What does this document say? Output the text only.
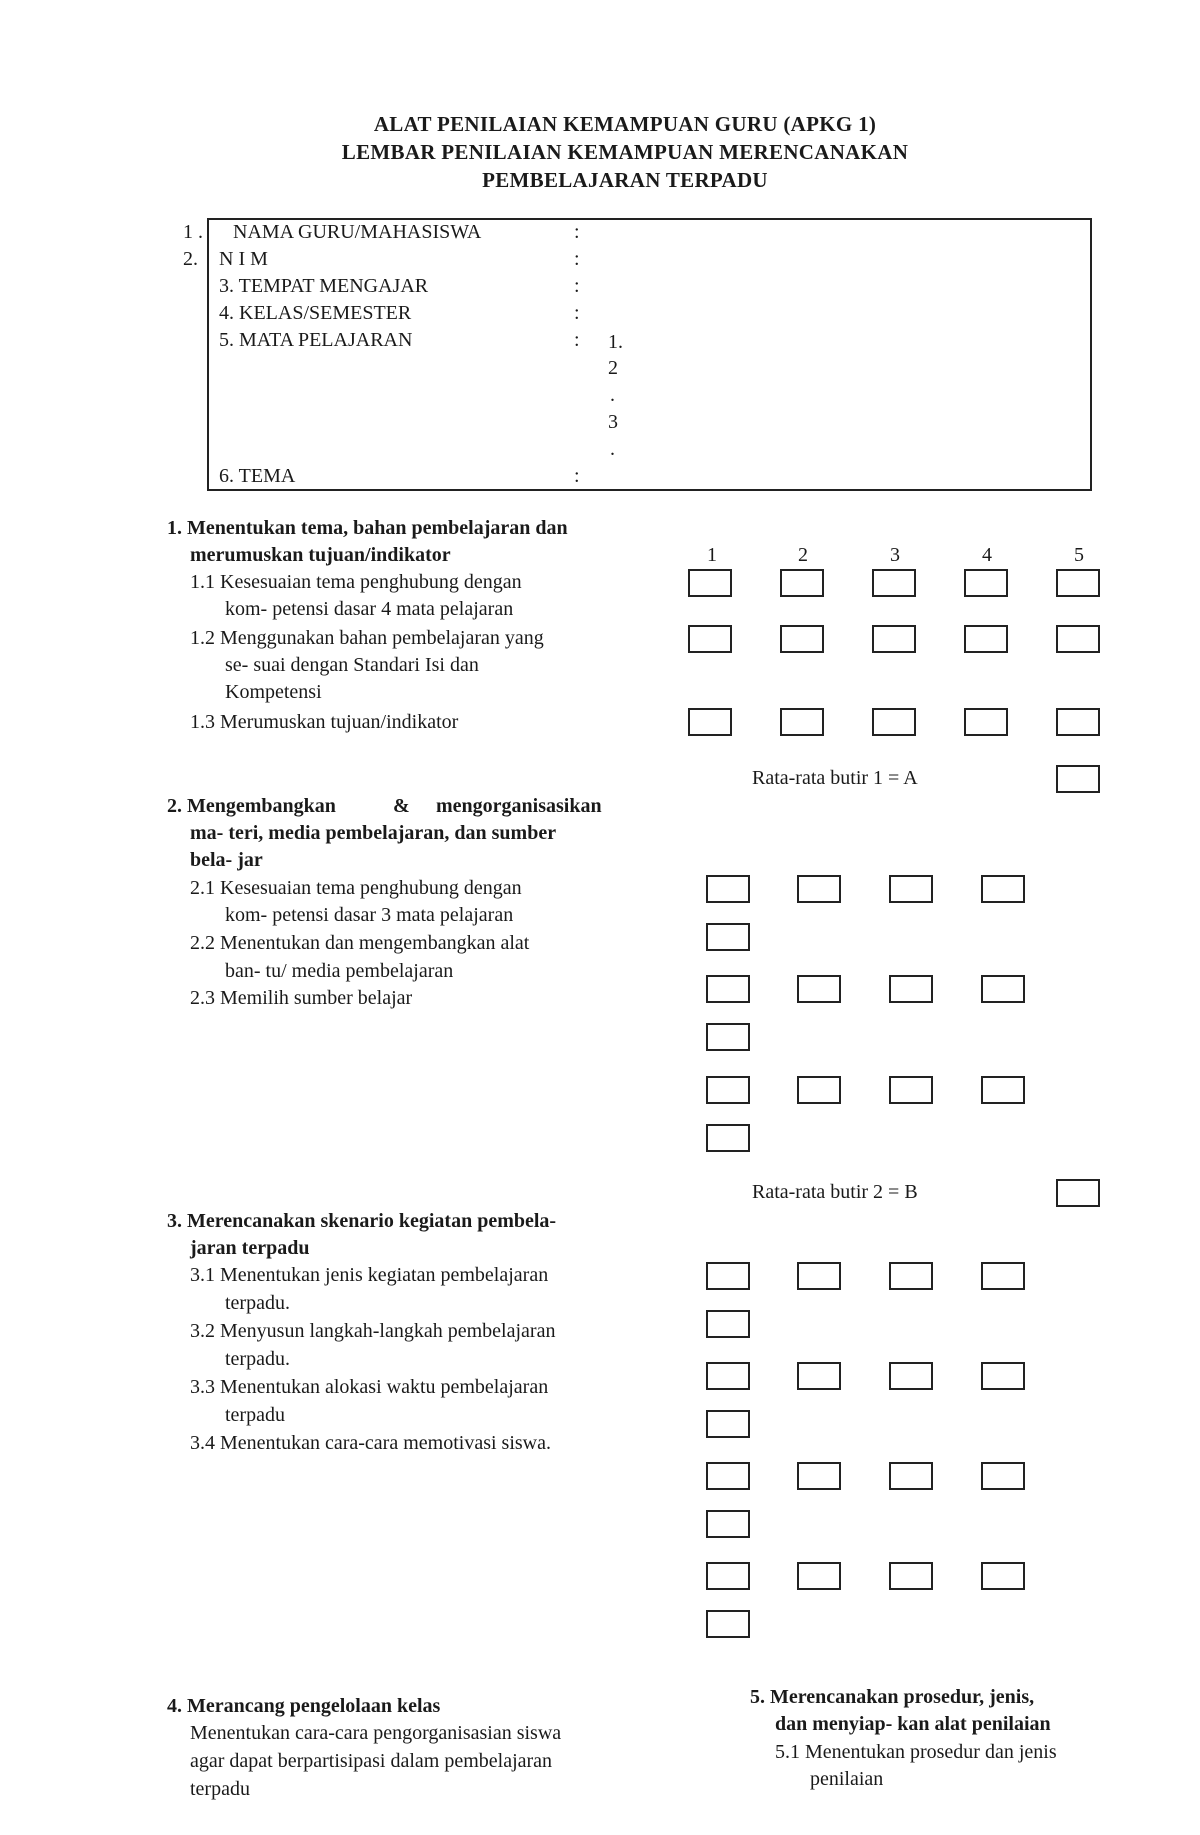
ALAT PENILAIAN KEMAMPUAN GURU (APKG 1)
LEMBAR PENILAIAN KEMAMPUAN MERENCANAKAN
PEMBELAJARAN TERPADU
1 . NAMA GURU/MAHASISWA	:
2. N I M	:
3. TEMPAT MENGAJAR	:
4. KELAS/SEMESTER	:
5. MATA PELAJARAN	: 1.
2
.
3
.
6. TEMA	:
1. Menentukan tema, bahan pembelajaran dan
merumuskan tujuan/indikator	1	2	3	4	5
1.1 Kesesuaian tema penghubung dengan
kom- petensi dasar 4 mata pelajaran
1.2 Menggunakan bahan pembelajaran yang
se- suai dengan Standari Isi dan
Kompetensi
1.3 Merumuskan tujuan/indikator
Rata-rata butir 1 = A
2. Mengembangkan	& mengorganisasikan
ma- teri, media pembelajaran, dan sumber
bela- jar
2.1 Kesesuaian tema penghubung dengan
kom- petensi dasar 3 mata pelajaran
2.2 Menentukan dan mengembangkan alat
ban- tu/ media pembelajaran
2.3 Memilih sumber belajar
Rata-rata butir 2 = B
3. Merencanakan skenario kegiatan pembela-
jaran terpadu
3.1 Menentukan jenis kegiatan pembelajaran
terpadu.
3.2 Menyusun langkah-langkah pembelajaran
terpadu.
3.3 Menentukan alokasi waktu pembelajaran
terpadu
3.4 Menentukan cara-cara memotivasi siswa.
4. Merancang pengelolaan kelas
Menentukan cara-cara pengorganisasian siswa
agar dapat berpartisipasi dalam pembelajaran
terpadu
5. Merencanakan prosedur, jenis,
dan menyiap- kan alat penilaian
5.1 Menentukan prosedur dan jenis
penilaian
